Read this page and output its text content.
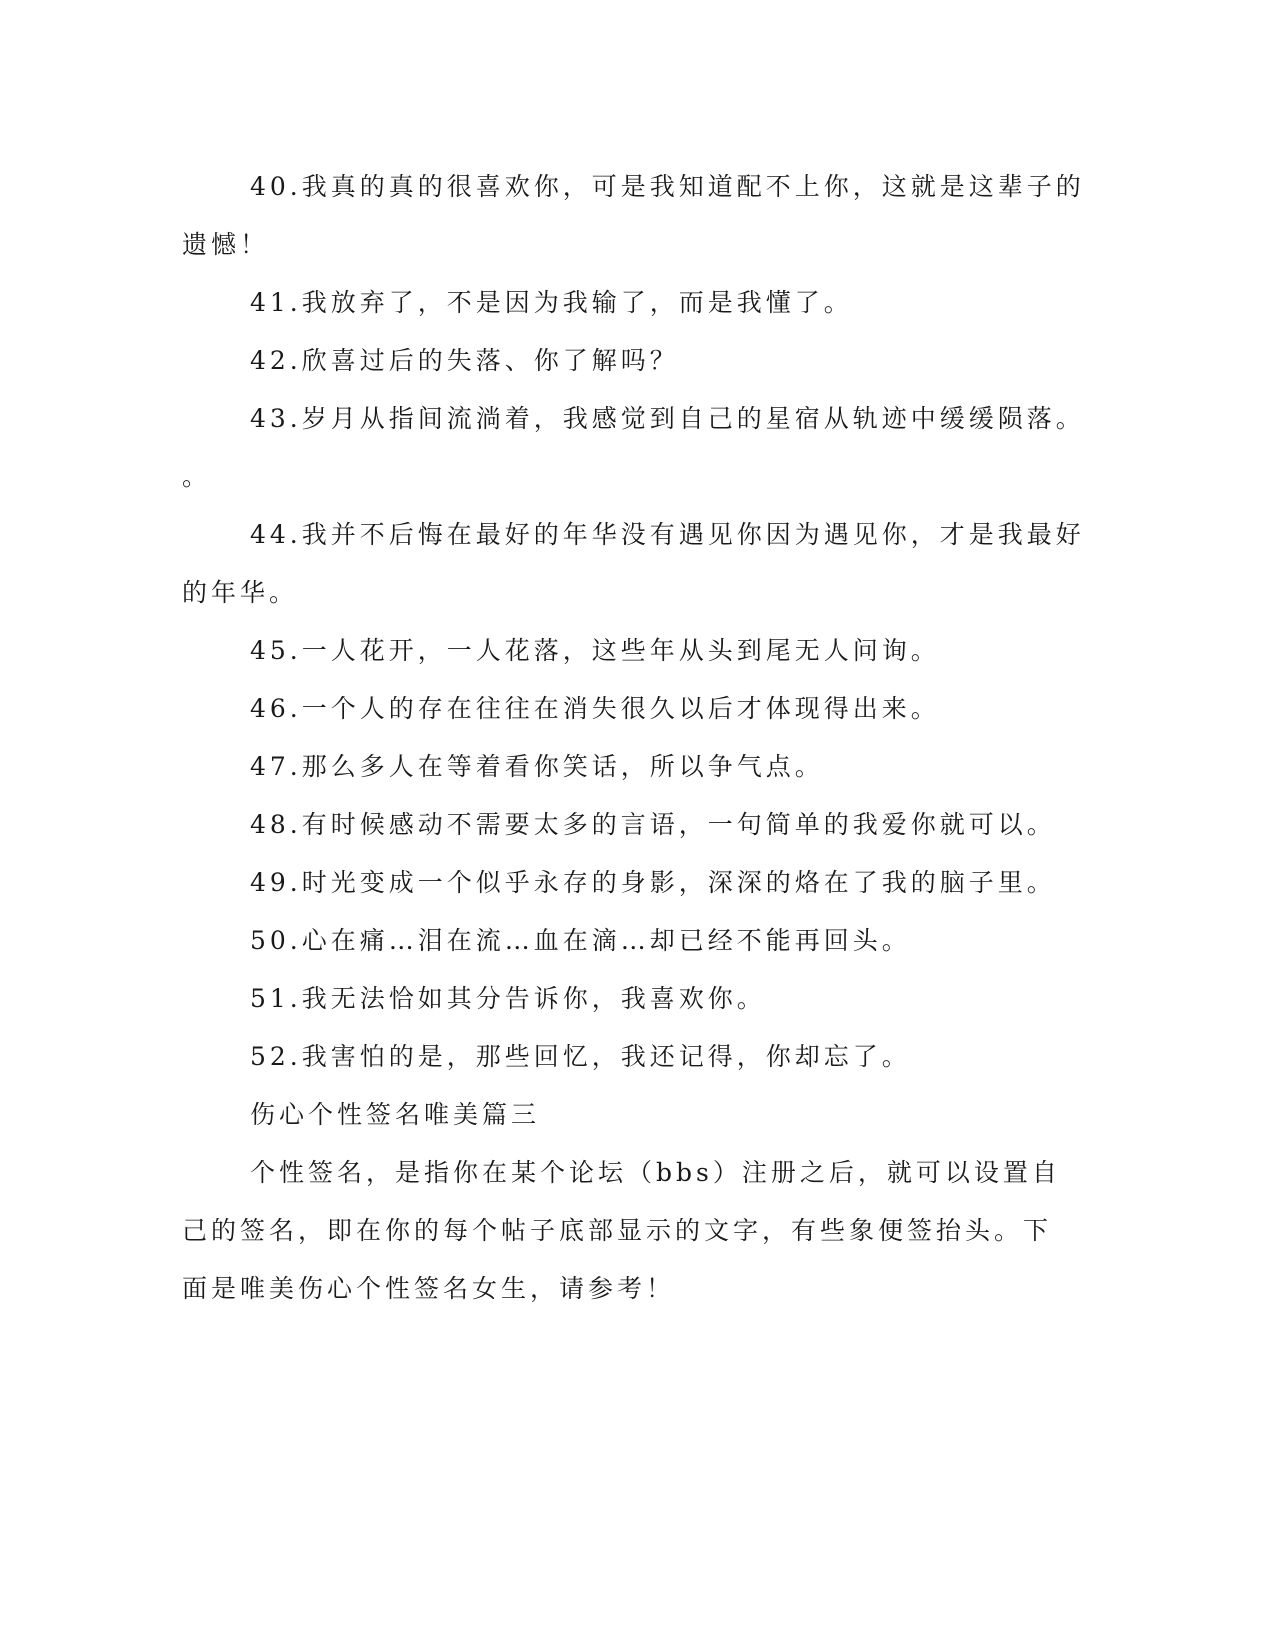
40.我真的真的很喜欢你，可是我知道配不上你，这就是这辈子的

遗憾！

41.我放弃了，不是因为我输了，而是我懂了。

42.欣喜过后的失落、你了解吗？

43.岁月从指间流淌着，我感觉到自己的星宿从轨迹中缓缓陨落。

。

44.我并不后悔在最好的年华没有遇见你因为遇见你，才是我最好

的年华。

45.一人花开，一人花落，这些年从头到尾无人问询。

46.一个人的存在往往在消失很久以后才体现得出来。

47.那么多人在等着看你笑话，所以争气点。

48.有时候感动不需要太多的言语，一句简单的我爱你就可以。

49.时光变成一个似乎永存的身影，深深的烙在了我的脑子里。

50.心在痛…泪在流…血在滴…却已经不能再回头。

51.我无法恰如其分告诉你，我喜欢你。

52.我害怕的是，那些回忆，我还记得，你却忘了。

伤心个性签名唯美篇三

个性签名，是指你在某个论坛（bbs）注册之后，就可以设置自

己的签名，即在你的每个帖子底部显示的文字，有些象便签抬头。下

面是唯美伤心个性签名女生，请参考！
